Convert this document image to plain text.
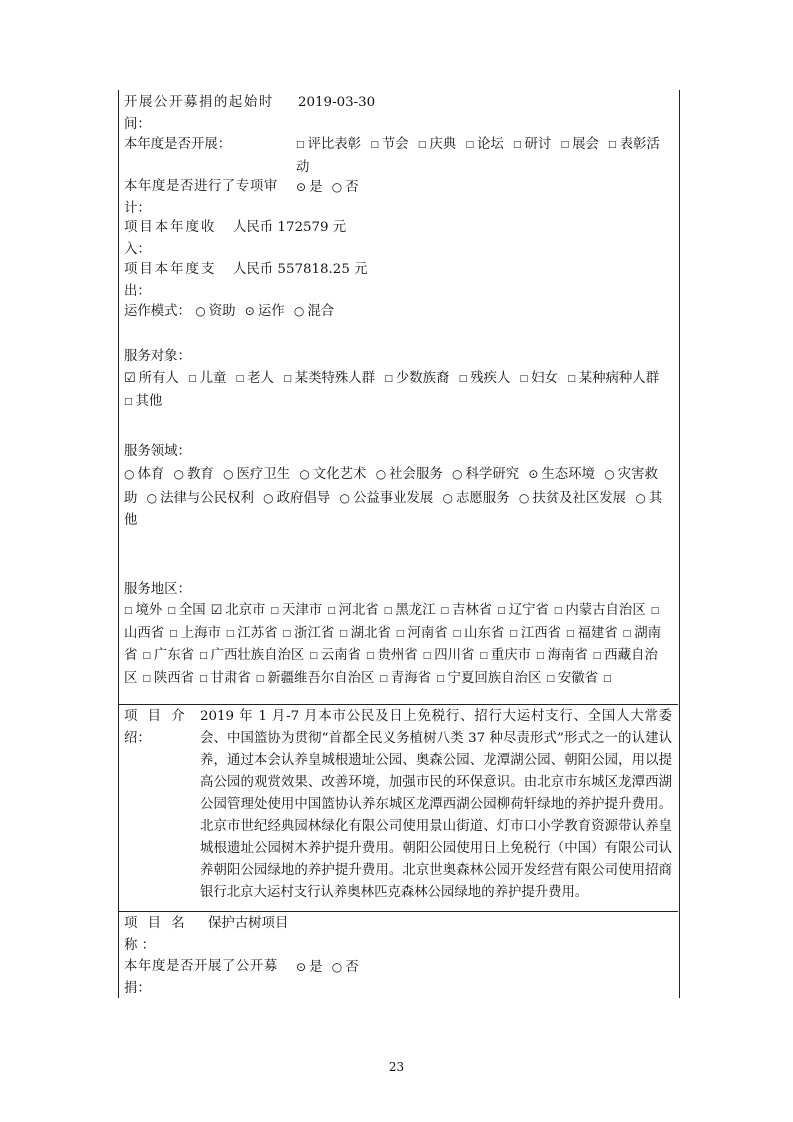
开展公开募捐的起始时
间：
2019-03-30
本年度是否开展：	□ 评比表彰 □ 节会 □ 庆典 □ 论坛 □ 研讨 □ 展会 □ 表彰活动
本年度是否进行了专项审
计：
⊙ 是 ○ 否
项目本年度收
入：
人民币 172579 元
项目本年度支
出：
人民币 557818.25 元
运作模式： ○ 资助 ⊙ 运作 ○ 混合
服务对象：
☑ 所有人 □ 儿童 □ 老人 □ 某类特殊人群 □ 少数族裔 □ 残疾人 □ 妇女 □ 某种病种人群 □ 其他
服务领域：
○ 体育 ○ 教育 ○ 医疗卫生 ○ 文化艺术 ○ 社会服务 ○ 科学研究 ⊙ 生态环境 ○ 灾害救助 ○ 法律与公民权利 ○ 政府倡导 ○ 公益事业发展 ○ 志愿服务 ○ 扶贫及社区发展 ○ 其他
服务地区：
□ 境外 □ 全国 ☑ 北京市 □ 天津市 □ 河北省 □ 黑龙江 □ 吉林省 □ 辽宁省 □ 内蒙古自治区 □山西省 □ 上海市 □ 江苏省 □ 浙江省 □ 湖北省 □ 河南省 □ 山东省 □ 江西省 □ 福建省 □ 湖南省 □ 广东省 □ 广西壮族自治区 □ 云南省 □ 贵州省 □ 四川省 □ 重庆市 □ 海南省 □ 西藏自治区 □ 陕西省 □ 甘肃省 □ 新疆维吾尔自治区 □ 青海省 □ 宁夏回族自治区 □ 安徽省 □
项 目 介
绍：
2019 年 1 月-7 月本市公民及日上免税行、招行大运村支行、全国人大常委会、中国篮协为贯彻“首都全民义务植树八类 37 种尽责形式”形式之一的认建认养，通过本会认养皇城根遗址公园、奥森公园、龙潭湖公园、朝阳公园，用以提高公园的观赏效果、改善环境，加强市民的环保意识。由北京市东城区龙潭西湖公园管理处使用中国篮协认养东城区龙潭西湖公园柳荷轩绿地的养护提升费用。北京市世纪经典园林绿化有限公司使用景山街道、灯市口小学教育资源带认养皇城根遗址公园树木养护提升费用。朝阳公园使用日上免税行（中国）有限公司认养朝阳公园绿地的养护提升费用。北京世奥森林公园开发经营有限公司使用招商银行北京大运村支行认养奥林匹克森林公园绿地的养护提升费用。
项 目 名
称 ：
保护古树项目
本年度是否开展了公开募
捐：
⊙ 是 ○ 否
23
